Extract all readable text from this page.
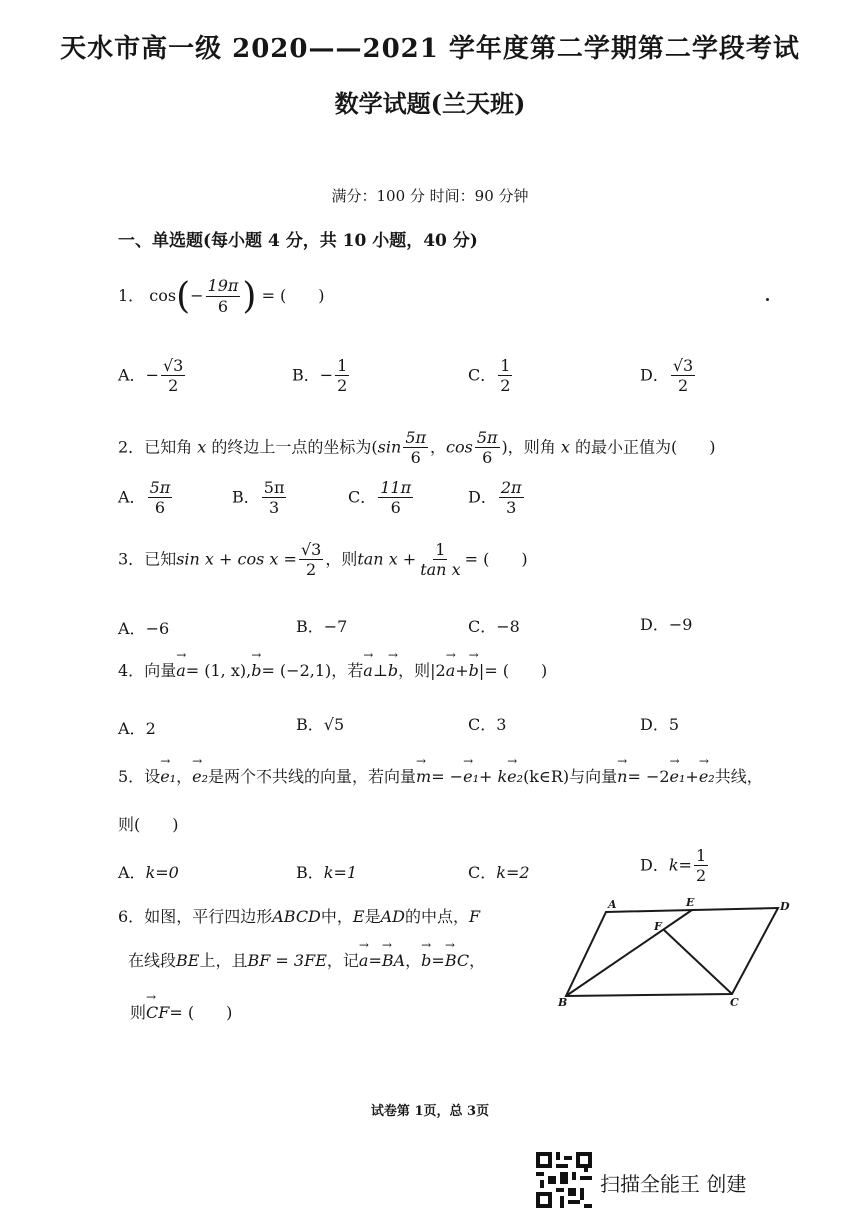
天水市高一级 2020——2021 学年度第二学期第二学段考试
数学试题(兰天班)
满分：100 分 时间：90 分钟
一、单选题(每小题 4 分，共 10 小题，40 分)
1． $\cos(- \frac{19\pi}{6}$ ) = (　　)
A．− $\frac{√3}{2}$	B．− $\frac{1}{2}$	C． $\frac{1}{2}$	D． $\frac{√3}{2}$
2．已知角 x 的终边上一点的坐标为($\sin \frac{5\pi}{6}$ ，$\cos \frac{5\pi}{6}$ )，则角 x 的最小正值为(　　)
A． $\frac{5\pi}{6}$	B． $\frac{5\pi}{3}$	C． $\frac{11\pi}{6}$	D． $\frac{2\pi}{3}$
3．已知$\sin x + \cos x = \frac{√3}{2}$ ，则$\tan x + \frac{1}{\text{tan x}}$ = (　　)
A．−6	B．−7	C．−8	D．−9
4．向量→ a= (1, x),→ b= (−2,1)，若→ a⊥→ b，则|2→ a+→ b|= (　　)
A．2	B．√5	C．3	D．5
5．设→ e₁，→ e₂是两个不共线的向量，若向量→ m= −→ e₁+ k→ e₂(k∈R)与向量→ n= −2→ e₁+→ e₂共线，
则(　　)
A．k=0	B．k=1	C．k=2	D．$k= \frac{1}{2}$
6．如图，平行四边形ABCD中，E是AD的中点，F
在线段BE上，且BF = 3FE，记→ a=→ BA，→ b=→ BC，
则→ CF= (　　)
A	E	D
F
B	C
试卷第 1页，总 3页
扫描全能王 创建
